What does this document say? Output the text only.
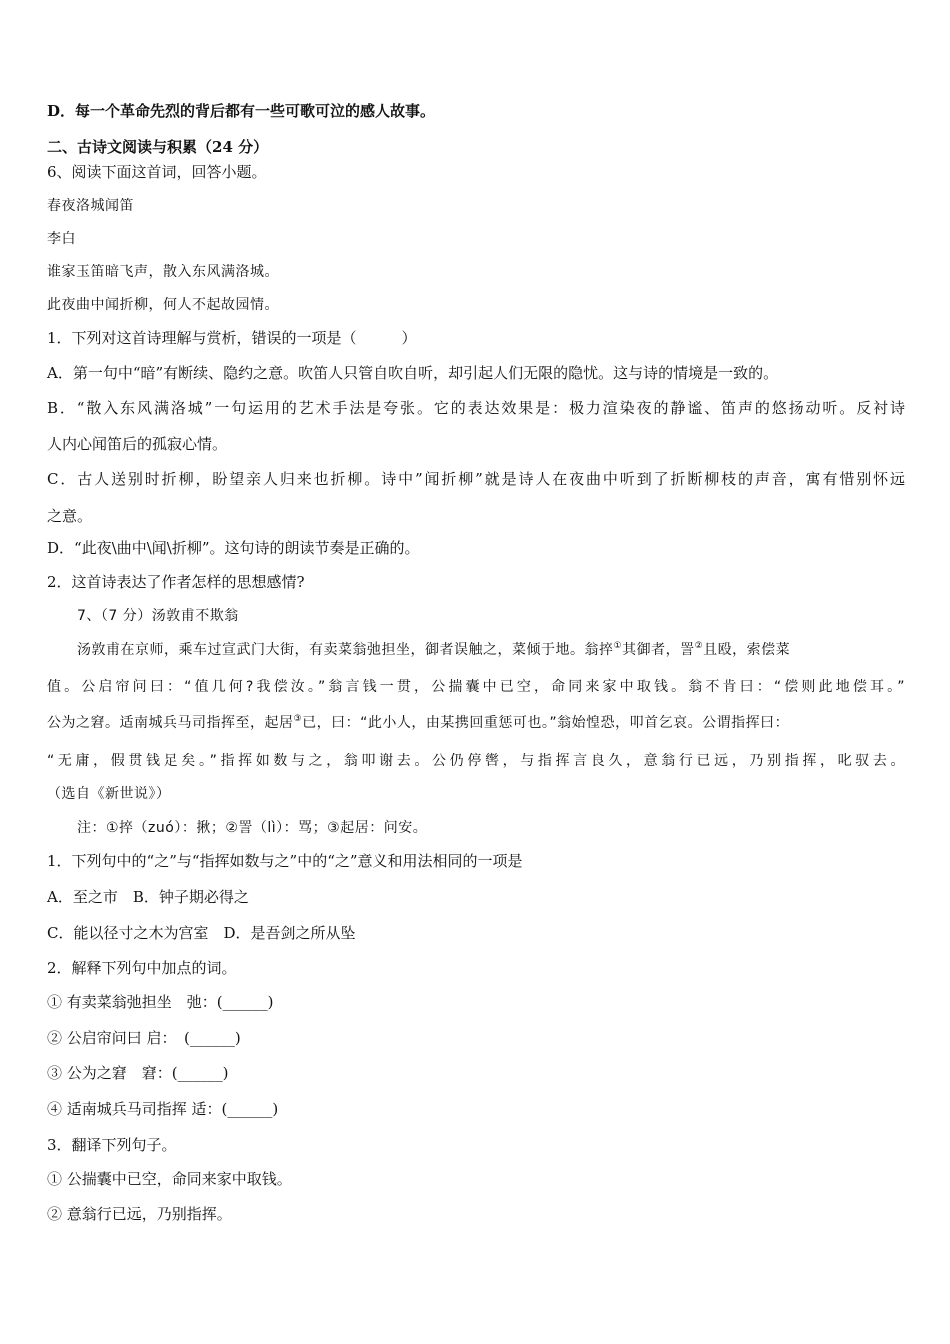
D．每一个革命先烈的背后都有一些可歌可泣的感人故事。
二、古诗文阅读与积累（24 分）
6、阅读下面这首词，回答小题。
春夜洛城闻笛
李白
谁家玉笛暗飞声，散入东风满洛城。
此夜曲中闻折柳，何人不起故园情。
1．下列对这首诗理解与赏析，错误的一项是（　　　）
A．第一句中“暗”有断续、隐约之意。吹笛人只管自吹自听，却引起人们无限的隐忧。这与诗的情境是一致的。
B．“散入东风满洛城”一句运用的艺术手法是夸张。它的表达效果是：极力渲染夜的静谧、笛声的悠扬动听。反衬诗
人内心闻笛后的孤寂心情。
C．古人送别时折柳，盼望亲人归来也折柳。诗中”闻折柳”就是诗人在夜曲中听到了折断柳枝的声音，寓有惜别怀远
之意。
D．“此夜\曲中\闻\折柳”。这句诗的朗读节奏是正确的。
2．这首诗表达了作者怎样的思想感情?
7、（7 分）汤敦甫不欺翁
汤敦甫在京师，乘车过宣武门大街，有卖菜翁弛担坐，御者误触之，菜倾于地。翁捽①其御者，詈②且殴，索偿菜
值。公启帘问曰：“值几何?我偿汝。”翁言钱一贯，公揣囊中已空，命同来家中取钱。翁不肯曰：“偿则此地偿耳。”
公为之窘。适南城兵马司指挥至，起居③已，曰：“此小人，由某携回重惩可也。”翁始惶恐，叩首乞哀。公谓指挥曰：
“无庸，假贯钱足矣。”指挥如数与之，翁叩谢去。公仍停辔，与指挥言良久，意翁行已远，乃别指挥，叱驭去。
（选自《新世说》）
注：①捽（zuó）：揪；②詈（lì）：骂；③起居：问安。
1．下列句中的“之”与“指挥如数与之”中的“之”意义和用法相同的一项是
A．至之市　B．钟子期必得之
C．能以径寸之木为宫室　D．是吾剑之所从坠
2．解释下列句中加点的词。
① 有卖菜翁弛担坐　弛：(______)
② 公启帘问曰 启：　(______)
③ 公为之窘　窘：(______)
④ 适南城兵马司指挥 适：(______)
3．翻译下列句子。
① 公揣囊中已空，命同来家中取钱。
② 意翁行已远，乃别指挥。
